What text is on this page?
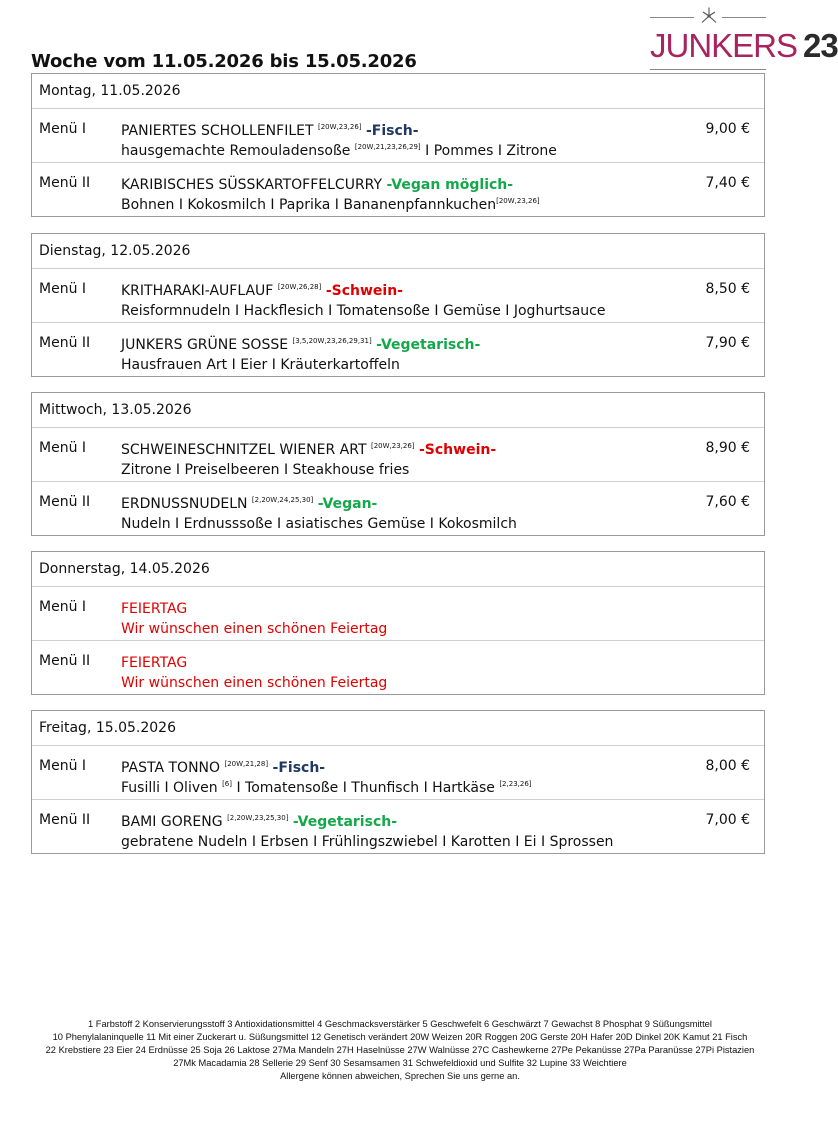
JUNKERS 23
Woche vom 11.05.2026 bis 15.05.2026
Montag, 11.05.2026
Menü I PANIERTES SCHOLLENFILET [20W,23,26] -Fisch-
hausgemachte Remouladensoße [20W,21,23,26,29] I Pommes I Zitrone
9,00 €
Menü II KARIBISCHES SÜSSKARTOFFELCURRY -Vegan möglich-
Bohnen I Kokosmilch I Paprika I Bananenpfannkuchen[20W,23,26]
7,40 €
Dienstag, 12.05.2026
Menü I KRITHARAKI-AUFLAUF [20W,26,28] -Schwein-
Reisformnudeln I Hackflesich I Tomatensoße I Gemüse I Joghurtsauce
8,50 €
Menü II JUNKERS GRÜNE SOSSE [3,5,20W,23,26,29,31] -Vegetarisch-
Hausfrauen Art I Eier I Kräuterkartoffeln
7,90 €
Mittwoch, 13.05.2026
Menü I SCHWEINESCHNITZEL WIENER ART [20W,23,26] -Schwein-
Zitrone I Preiselbeeren I Steakhouse fries
8,90 €
Menü II ERDNUSSNUDELN [2,20W,24,25,30] -Vegan-
Nudeln I Erdnusssoße I asiatisches Gemüse I Kokosmilch
7,60 €
Donnerstag, 14.05.2026
Menü I FEIERTAG
Wir wünschen einen schönen Feiertag
Menü II FEIERTAG
Wir wünschen einen schönen Feiertag
Freitag, 15.05.2026
Menü I PASTA TONNO [20W,21,28] -Fisch-
Fusilli I Oliven [6] I Tomatensoße I Thunfisch I Hartkäse [2,23,26]
8,00 €
Menü II BAMI GORENG [2,20W,23,25,30] -Vegetarisch-
gebratene Nudeln I Erbsen I Frühlingszwiebel I Karotten I Ei I Sprossen
7,00 €
1 Farbstoff 2 Konservierungsstoff 3 Antioxidationsmittel 4 Geschmacksverstärker 5 Geschwefelt 6 Geschwärzt 7 Gewachst 8 Phosphat 9 Süßungsmittel
10 Phenylalaninquelle 11 Mit einer Zuckerart u. Süßungsmittel 12 Genetisch verändert 20W Weizen 20R Roggen 20G Gerste 20H Hafer 20D Dinkel 20K Kamut 21 Fisch
22 Krebstiere 23 Eier 24 Erdnüsse 25 Soja 26 Laktose 27Ma Mandeln 27H Haselnüsse 27W Walnüsse 27C Cashewkerne 27Pe Pekanüsse 27Pa Paranüsse 27Pi Pistazien
27Mk Macadamia 28 Sellerie 29 Senf 30 Sesamsamen 31 Schwefeldioxid und Sulfite 32 Lupine 33 Weichtiere
Allergene können abweichen, Sprechen Sie uns gerne an.
